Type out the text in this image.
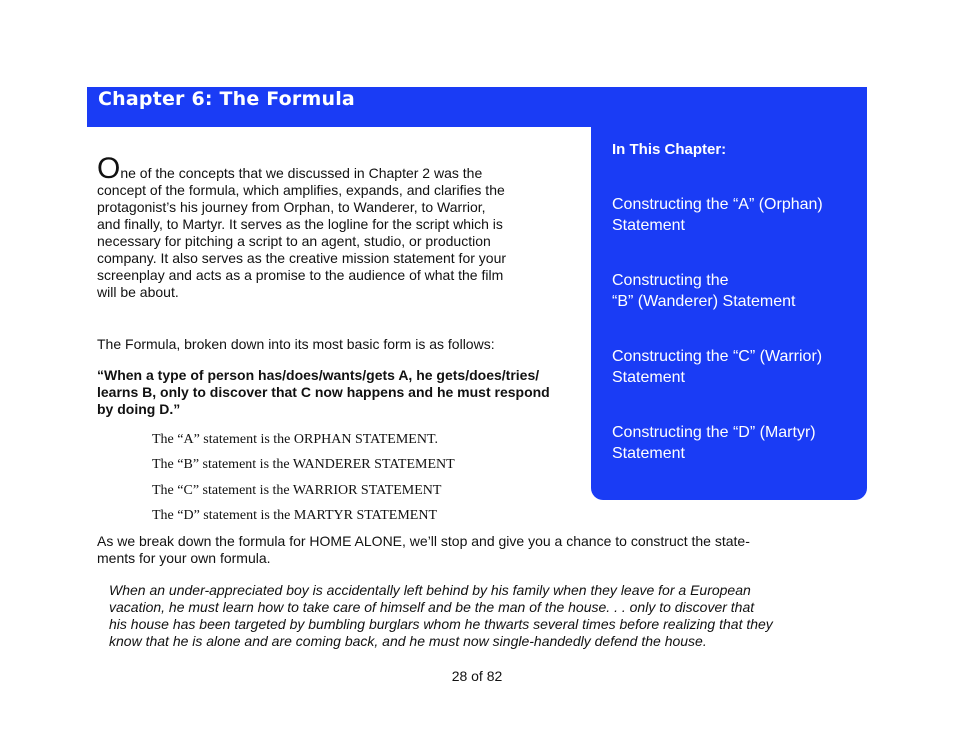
Chapter 6: The Formula
In This Chapter:
Constructing the “A” (Orphan)
Statement
Constructing the
“B” (Wanderer) Statement
Constructing the “C” (Warrior)
Statement
Constructing the “D” (Martyr)
Statement

One of the concepts that we discussed in Chapter 2 was the
concept of the formula, which amplifies, expands, and clarifies the
protagonist’s his journey from Orphan, to Wanderer, to Warrior,
and finally, to Martyr. It serves as the logline for the script which is
necessary for pitching a script to an agent, studio, or production
company. It also serves as the creative mission statement for your
screenplay and acts as a promise to the audience of what the film
will be about.

The Formula, broken down into its most basic form is as follows:

“When a type of person has/does/wants/gets A, he gets/does/tries/
learns B, only to discover that C now happens and he must respond
by doing D.”

The “A” statement is the ORPHAN STATEMENT.

The “B” statement is the WANDERER STATEMENT

The “C” statement is the WARRIOR STATEMENT

The “D” statement is the MARTYR STATEMENT

As we break down the formula for HOME ALONE, we’ll stop and give you a chance to construct the state-
ments for your own formula.

When an under-appreciated boy is accidentally left behind by his family when they leave for a European
vacation, he must learn how to take care of himself and be the man of the house. . . only to discover that
his house has been targeted by bumbling burglars whom he thwarts several times before realizing that they
know that he is alone and are coming back, and he must now single-handedly defend the house.

28 of 82
